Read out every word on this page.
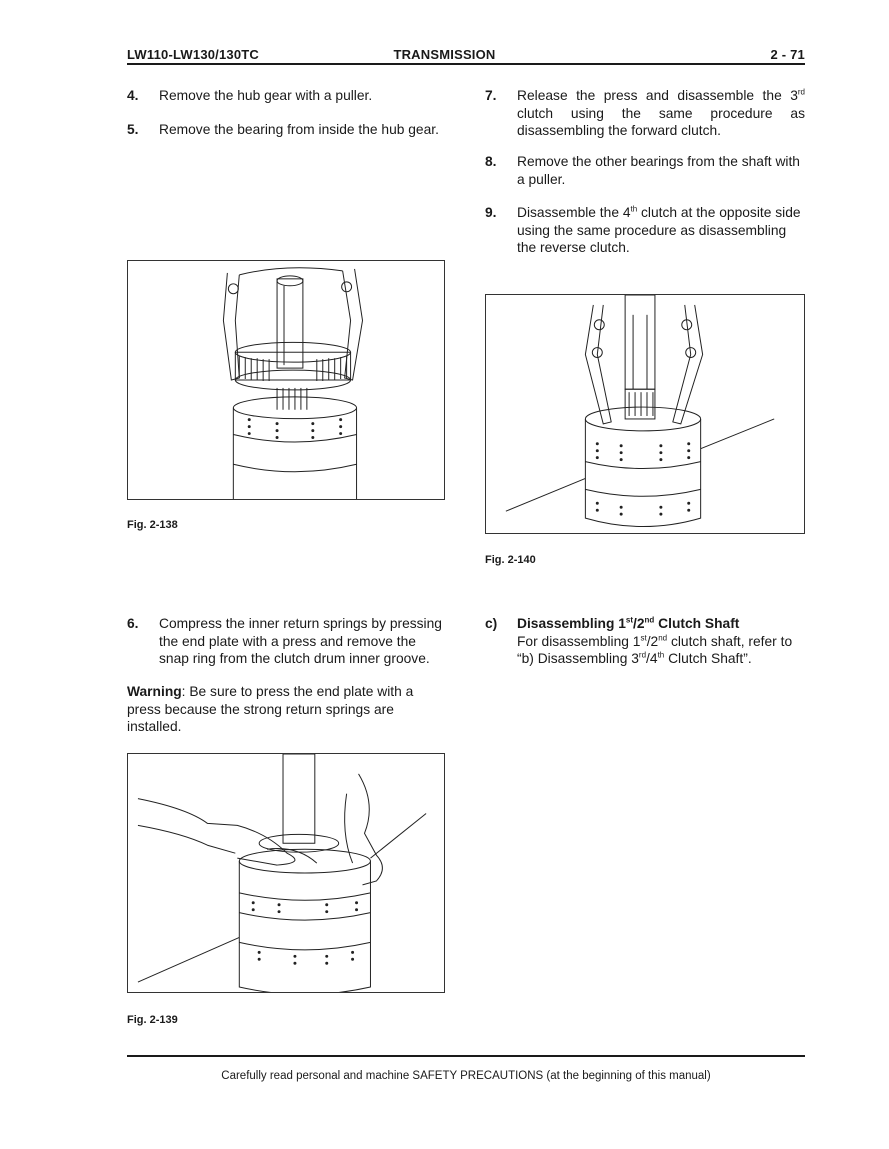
LW110-LW130/130TC	TRANSMISSION	2 - 71
4. Remove the hub gear with a puller.
5. Remove the bearing from inside the hub gear.
Fig. 2-138
7. Release the press and disassemble the 3rd clutch using the same procedure as disassembling the forward clutch.
8. Remove the other bearings from the shaft with a puller.
9. Disassemble the 4th clutch at the opposite side using the same procedure as disassembling the reverse clutch.
Fig. 2-140
6. Compress the inner return springs by pressing the end plate with a press and remove the snap ring from the clutch drum inner groove.
Warning: Be sure to press the end plate with a press because the strong return springs are installed.
c) Disassembling 1st/2nd Clutch Shaft
For disassembling 1st/2nd clutch shaft, refer to “b) Disassembling 3rd/4th Clutch Shaft”.
Fig. 2-139
Carefully read personal and machine SAFETY PRECAUTIONS (at the beginning of this manual)
